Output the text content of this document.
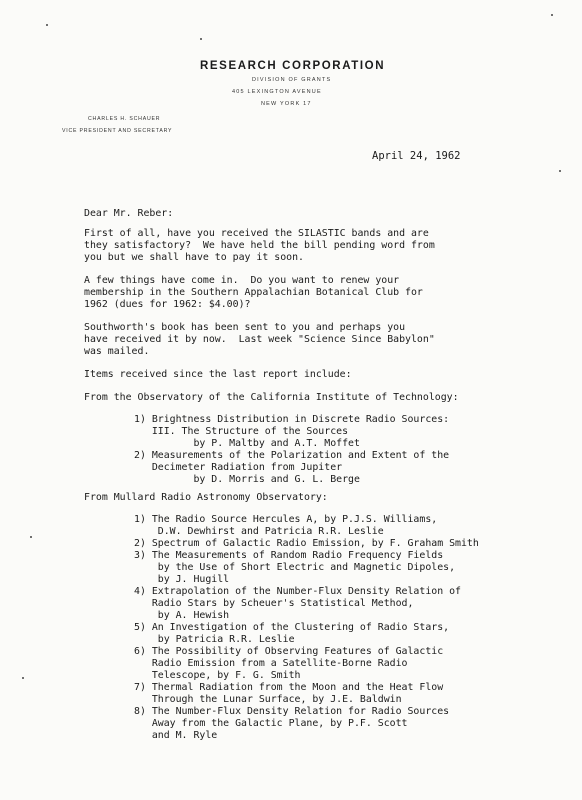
RESEARCH CORPORATION
DIVISION OF GRANTS
405 LEXINGTON AVENUE
NEW YORK 17
CHARLES H. SCHAUER
VICE PRESIDENT AND SECRETARY
April 24, 1962
Dear Mr. Reber:
First of all, have you received the SILASTIC bands and are
they satisfactory?  We have held the bill pending word from
you but we shall have to pay it soon.
A few things have come in.  Do you want to renew your
membership in the Southern Appalachian Botanical Club for
1962 (dues for 1962: $4.00)?
Southworth's book has been sent to you and perhaps you
have received it by now.  Last week "Science Since Babylon"
was mailed.
Items received since the last report include:
From the Observatory of the California Institute of Technology:
1) Brightness Distribution in Discrete Radio Sources:
III. The Structure of the Sources
by P. Maltby and A.T. Moffet
2) Measurements of the Polarization and Extent of the
Decimeter Radiation from Jupiter
by D. Morris and G. L. Berge
From Mullard Radio Astronomy Observatory:
1) The Radio Source Hercules A, by P.J.S. Williams,
D.W. Dewhirst and Patricia R.R. Leslie
2) Spectrum of Galactic Radio Emission, by F. Graham Smith
3) The Measurements of Random Radio Frequency Fields
by the Use of Short Electric and Magnetic Dipoles,
by J. Hugill
4) Extrapolation of the Number-Flux Density Relation of
Radio Stars by Scheuer's Statistical Method,
by A. Hewish
5) An Investigation of the Clustering of Radio Stars,
by Patricia R.R. Leslie
6) The Possibility of Observing Features of Galactic
Radio Emission from a Satellite-Borne Radio
Telescope, by F. G. Smith
7) Thermal Radiation from the Moon and the Heat Flow
Through the Lunar Surface, by J.E. Baldwin
8) The Number-Flux Density Relation for Radio Sources
Away from the Galactic Plane, by P.F. Scott
and M. Ryle
